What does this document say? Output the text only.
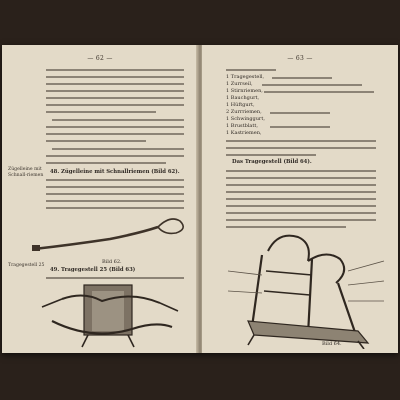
— 62 —
48. Zügelleine mit Schnallriemen (Bild 62).
Zügelleine mit Schnall-riemen
Bild 62.
Tragegestell 25
49. Tragegestell 25 (Bild 63)
— 63 —
1 Tragegestell,
1 Zurrseil,
1 Stirnriemen,
1 Bauchgurt,
1 Hüftgurt,
2 Zurrriemen,
1 Schwinggurt,
1 Brustblatt,
1 Kastriemen,
Das Tragegestell (Bild 64).
Bild 64.
